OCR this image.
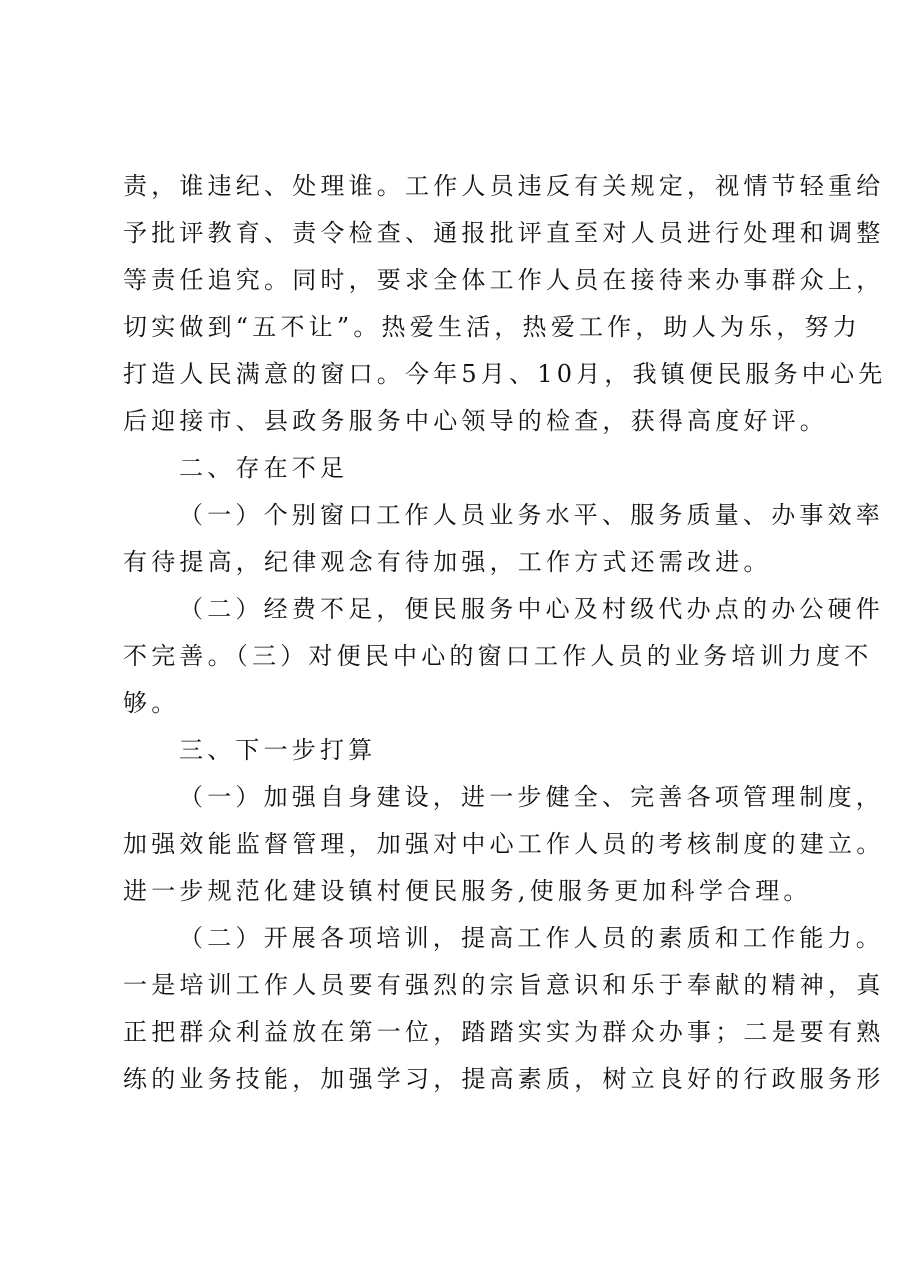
责，谁违纪、处理谁。工作人员违反有关规定，视情节轻重给
予批评教育、责令检查、通报批评直至对人员进行处理和调整
等责任追究。同时，要求全体工作人员在接待来办事群众上，
切实做到“五不让”。热爱生活，热爱工作，助人为乐，努力
打造人民满意的窗口。今年5月、10月，我镇便民服务中心先
后迎接市、县政务服务中心领导的检查，获得高度好评。
二、存在不足
（一）个别窗口工作人员业务水平、服务质量、办事效率
有待提高，纪律观念有待加强，工作方式还需改进。
（二）经费不足，便民服务中心及村级代办点的办公硬件
不完善。（三）对便民中心的窗口工作人员的业务培训力度不
够。
三、下一步打算
（一）加强自身建设，进一步健全、完善各项管理制度，
加强效能监督管理，加强对中心工作人员的考核制度的建立。
进一步规范化建设镇村便民服务,使服务更加科学合理。
（二）开展各项培训，提高工作人员的素质和工作能力。
一是培训工作人员要有强烈的宗旨意识和乐于奉献的精神，真
正把群众利益放在第一位，踏踏实实为群众办事；二是要有熟
练的业务技能，加强学习，提高素质，树立良好的行政服务形
